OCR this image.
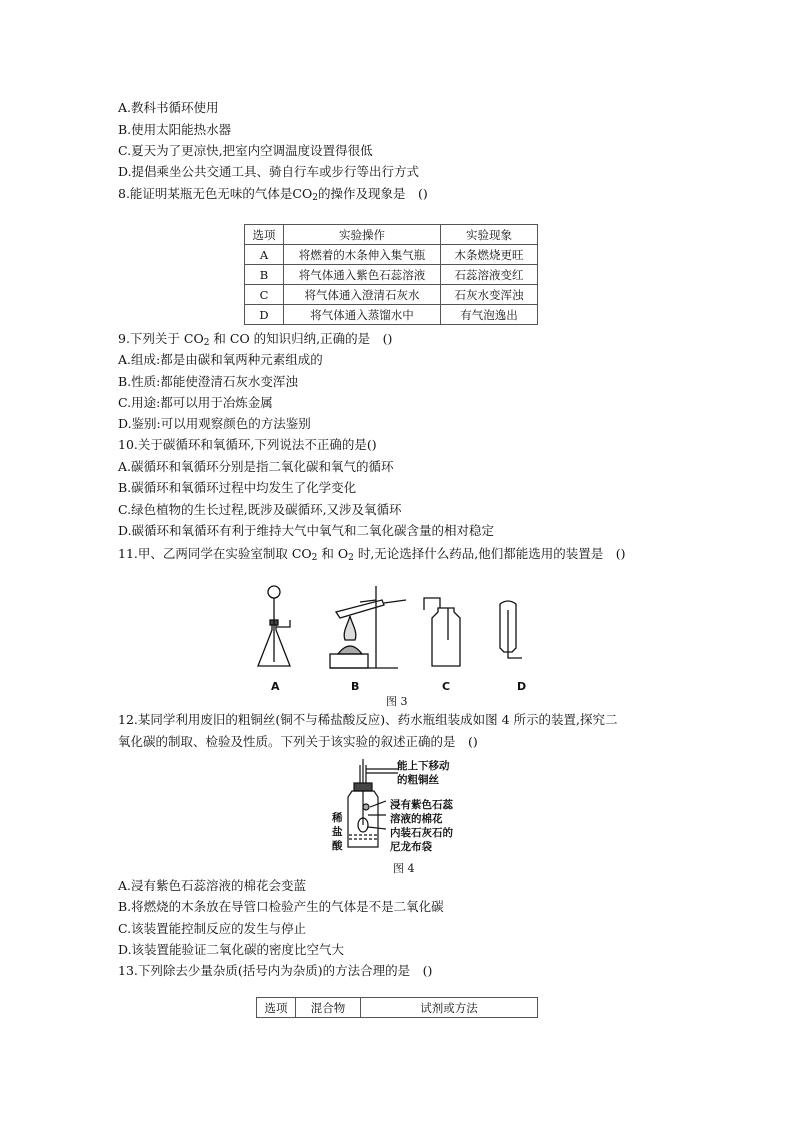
A.教科书循环使用
B.使用太阳能热水器
C.夏天为了更凉快,把室内空调温度设置得很低
D.提倡乘坐公共交通工具、骑自行车或步行等出行方式
8.能证明某瓶无色无味的气体是$CO_2$的操作及现象是　()
选项	实验操作	实验现象
A	将燃着的木条伸入集气瓶	木条燃烧更旺
B	将气体通入紫色石蕊溶液	石蕊溶液变红
C	将气体通入澄清石灰水	石灰水变浑浊
D	将气体通入蒸馏水中	有气泡逸出
9.下列关于 $CO_2$ 和 CO 的知识归纳,正确的是　()
A.组成:都是由碳和氧两种元素组成的
B.性质:都能使澄清石灰水变浑浊
C.用途:都可以用于冶炼金属
D.鉴别:可以用观察颜色的方法鉴别
10.关于碳循环和氧循环,下列说法不正确的是()
A.碳循环和氧循环分别是指二氧化碳和氧气的循环
B.碳循环和氧循环过程中均发生了化学变化
C.绿色植物的生长过程,既涉及碳循环,又涉及氧循环
D.碳循环和氧循环有利于维持大气中氧气和二氧化碳含量的相对稳定
11.甲、乙两同学在实验室制取 $CO_2$ 和 $O_2$ 时,无论选择什么药品,他们都能选用的装置是　()
A	B	C	D
图 3
12.某同学利用废旧的粗铜丝(铜不与稀盐酸反应)、药水瓶组装成如图 4 所示的装置,探究二
氧化碳的制取、检验及性质。下列关于该实验的叙述正确的是　()
能上下移动
的粗铜丝
浸有紫色石蕊
溶液的棉花
内装石灰石的
尼龙布袋
稀
盐
酸
图 4
A.浸有紫色石蕊溶液的棉花会变蓝
B.将燃烧的木条放在导管口检验产生的气体是不是二氧化碳
C.该装置能控制反应的发生与停止
D.该装置能验证二氧化碳的密度比空气大
13.下列除去少量杂质(括号内为杂质)的方法合理的是　()
选项	混合物	试剂或方法
